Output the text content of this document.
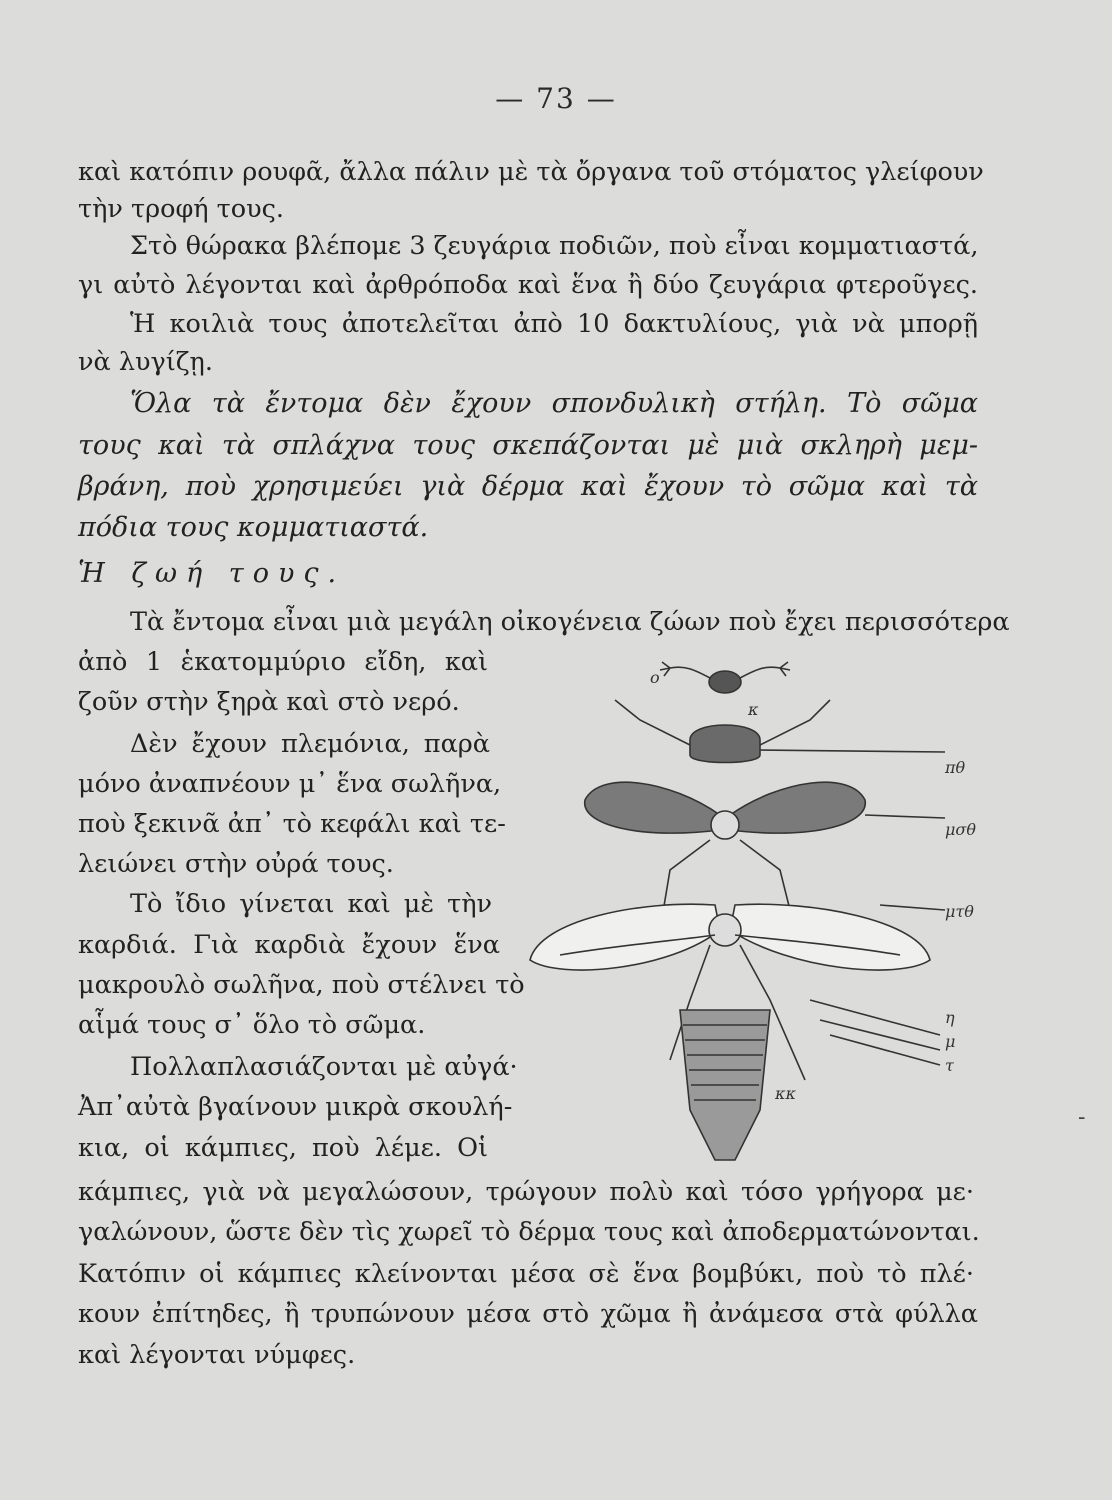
— 73 —
καὶ κατόπιν ρουφᾶ, ἄλλα πάλιν μὲ τὰ ὄργανα τοῦ στόματος γλείφουν
τὴν τροφή τους.
Στὸ θώρακα βλέπομε 3 ζευγάρια ποδιῶν, ποὺ εἶναι κομματιαστά,
γι αὐτὸ λέγονται καὶ ἀρθρόποδα καὶ ἕνα ἢ δύο ζευγάρια φτεροῦγες.
Ἡ κοιλιὰ τους ἀποτελεῖται ἀπὸ 10 δακτυλίους, γιὰ νὰ μπορῇ
νὰ λυγίζῃ.
Ὅλα τὰ ἔντομα δὲν ἔχουν σπονδυλικὴ στήλη. Τὸ σῶμα
τους καὶ τὰ σπλάχνα τους σκεπάζονται μὲ μιὰ σκληρὴ μεμ-
βράνη, ποὺ χρησιμεύει γιὰ δέρμα καὶ ἔχουν τὸ σῶμα καὶ τὰ
πόδια τους κομματιαστά.
Ἡ ζωή τους.
Τὰ ἔντομα εἶναι μιὰ μεγάλη οἰκογένεια ζώων ποὺ ἔχει περισσότερα
ἀπὸ 1 ἑκατομμύριο εἴδη, καὶ
ζοῦν στὴν ξηρὰ καὶ στὸ νερό.
Δὲν ἔχουν πλεμόνια, παρὰ
μόνο ἀναπνέουν μ᾽ ἕνα σωλῆνα,
ποὺ ξεκινᾶ ἀπ᾽ τὸ κεφάλι καὶ τε-
λειώνει στὴν οὐρά τους.
Τὸ ἴδιο γίνεται καὶ μὲ τὴν
καρδιά. Γιὰ καρδιὰ ἔχουν ἕνα
μακρουλὸ σωλῆνα, ποὺ στέλνει τὸ
αἷμά τους σ᾽ ὅλο τὸ σῶμα.
Πολλαπλασιάζονται μὲ αὐγά·
Ἀπ᾽αὐτὰ βγαίνουν μικρὰ σκουλή-
κια, οἱ κάμπιες, ποὺ λέμε. Οἱ
κάμπιες, γιὰ νὰ μεγαλώσουν, τρώγουν πολὺ καὶ τόσο γρήγορα με·
γαλώνουν, ὥστε δὲν τὶς χωρεῖ τὸ δέρμα τους καὶ ἀποδερματώνονται.
Κατόπιν οἱ κάμπιες κλείνονται μέσα σὲ ἕνα βομβύκι, ποὺ τὸ πλέ·
κουν ἐπίτηδες, ἢ τρυπώνουν μέσα στὸ χῶμα ἢ ἀνάμεσα στὰ φύλλα
καὶ λέγονται νύμφες.
-
ο
κ
πθ
μσθ
μτθ
η
μ
τ
κκ
